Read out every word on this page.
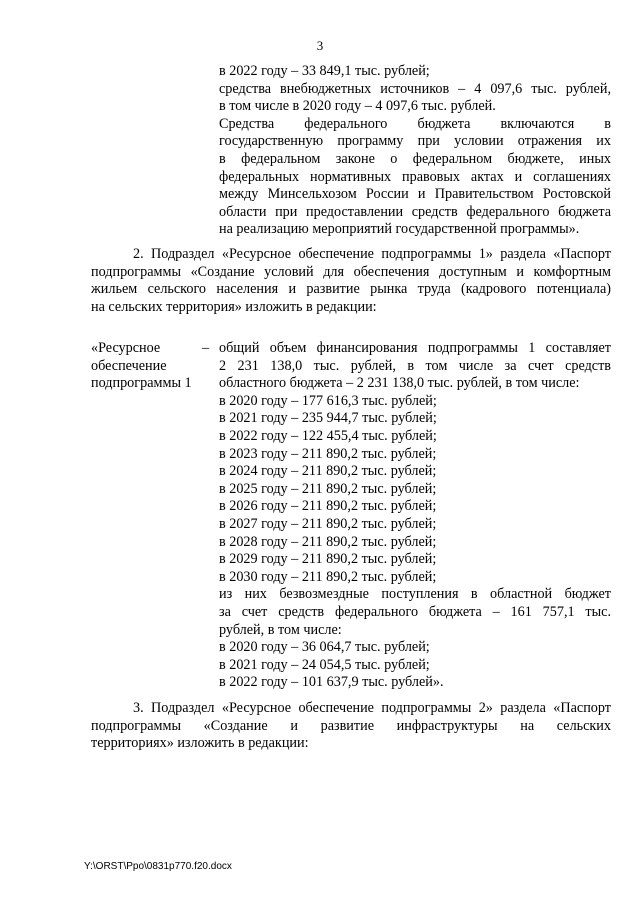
3
в 2022 году – 33 849,1 тыс. рублей;
средства внебюджетных источников – 4 097,6 тыс. рублей,
в том числе в 2020 году – 4 097,6 тыс. рублей.
Средства федерального бюджета включаются в
государственную программу при условии отражения их
в федеральном законе о федеральном бюджете, иных
федеральных нормативных правовых актах и соглашениях
между Минсельхозом России и Правительством Ростовской
области при предоставлении средств федерального бюджета
на реализацию мероприятий государственной программы».
2. Подраздел «Ресурсное обеспечение подпрограммы 1» раздела «Паспорт
подпрограммы «Создание условий для обеспечения доступным и комфортным
жильем сельского населения и развитие рынка труда (кадрового потенциала)
на сельских территория» изложить в редакции:
«Ресурсное
обеспечение
подпрограммы 1
– общий объем финансирования подпрограммы 1 составляет
2 231 138,0 тыс. рублей, в том числе за счет средств
областного бюджета – 2 231 138,0 тыс. рублей, в том числе:
в 2020 году – 177 616,3 тыс. рублей;
в 2021 году – 235 944,7 тыс. рублей;
в 2022 году – 122 455,4 тыс. рублей;
в 2023 году – 211 890,2 тыс. рублей;
в 2024 году – 211 890,2 тыс. рублей;
в 2025 году – 211 890,2 тыс. рублей;
в 2026 году – 211 890,2 тыс. рублей;
в 2027 году – 211 890,2 тыс. рублей;
в 2028 году – 211 890,2 тыс. рублей;
в 2029 году – 211 890,2 тыс. рублей;
в 2030 году – 211 890,2 тыс. рублей;
из них безвозмездные поступления в областной бюджет
за счет средств федерального бюджета – 161 757,1 тыс.
рублей, в том числе:
в 2020 году – 36 064,7 тыс. рублей;
в 2021 году – 24 054,5 тыс. рублей;
в 2022 году – 101 637,9 тыс. рублей».
3. Подраздел «Ресурсное обеспечение подпрограммы 2» раздела «Паспорт
подпрограммы «Создание и развитие инфраструктуры на сельских
территориях» изложить в редакции:
Y:\ORST\Ppo\0831p770.f20.docx
